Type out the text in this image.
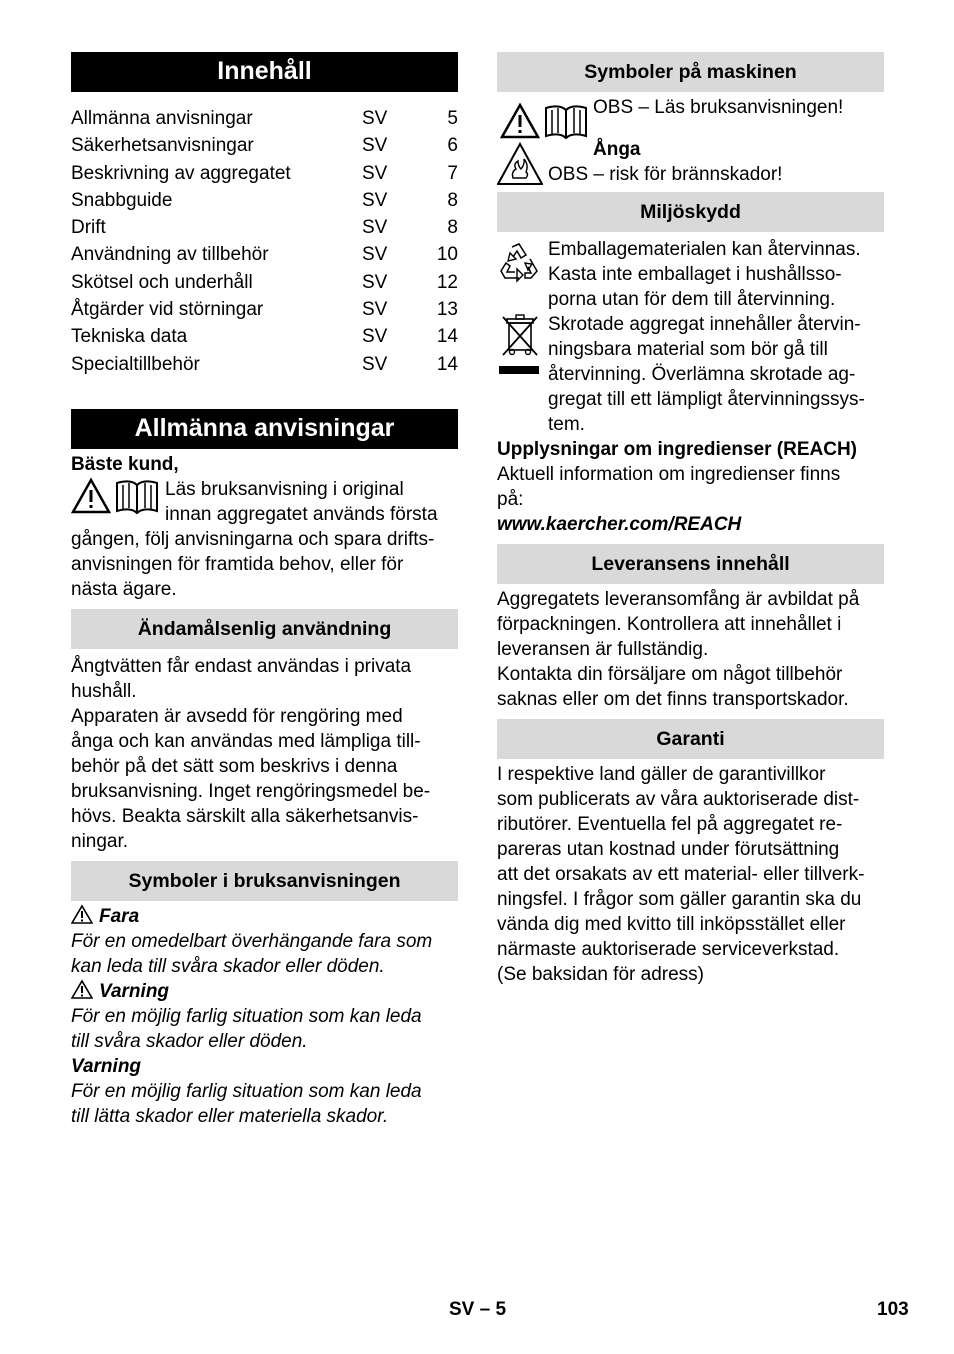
Innehåll
Allmänna anvisningar	SV	5
Säkerhetsanvisningar	SV	6
Beskrivning av aggregatet	SV	7
Snabbguide	SV	8
Drift	SV	8
Användning av tillbehör	SV	10
Skötsel och underhåll	SV	12
Åtgärder vid störningar	SV	13
Tekniska data	SV	14
Specialtillbehör	SV	14
Allmänna anvisningar

Bäste kund,

Läs bruksanvisning i original

innan aggregatet används första

gången, följ anvisningarna och spara drifts-

anvisningen för framtida behov, eller för

nästa ägare.

Ändamålsenlig användning

Ångtvätten får endast användas i privata

hushåll.

Apparaten är avsedd för rengöring med

ånga och kan användas med lämpliga till-

behör på det sätt som beskrivs i denna

bruksanvisning. Inget rengöringsmedel be-

hövs. Beakta särskilt alla säkerhetsanvis-

ningar.

Symboler i bruksanvisningen

Fara

För en omedelbart överhängande fara som

kan leda till svåra skador eller döden.

Varning

För en möjlig farlig situation som kan leda

till svåra skador eller döden.

Varning

För en möjlig farlig situation som kan leda

till lätta skador eller materiella skador.

Symboler på maskinen

OBS – Läs bruksanvisningen!

Ånga

OBS – risk för brännskador!

Miljöskydd

Emballagematerialen kan återvinnas.

Kasta inte emballaget i hushållsso-

porna utan för dem till återvinning.

Skrotade aggregat innehåller återvin-

ningsbara material som bör gå till

återvinning. Överlämna skrotade ag-

gregat till ett lämpligt återvinningssys-

tem.

Upplysningar om ingredienser (REACH)

Aktuell information om ingredienser finns

på:

www.kaercher.com/REACH

Leveransens innehåll

Aggregatets leveransomfång är avbildat på

förpackningen. Kontrollera att innehållet i

leveransen är fullständig.

Kontakta din försäljare om något tillbehör

saknas eller om det finns transportskador.

Garanti

I respektive land gäller de garantivillkor

som publicerats av våra auktoriserade dist-

ributörer. Eventuella fel på aggregatet re-

pareras utan kostnad under förutsättning

att det orsakats av ett material- eller tillverk-

ningsfel. I frågor som gäller garantin ska du

vända dig med kvitto till inköpsstället eller

närmaste auktoriserade serviceverkstad.

(Se baksidan för adress)

SV – 5	103
